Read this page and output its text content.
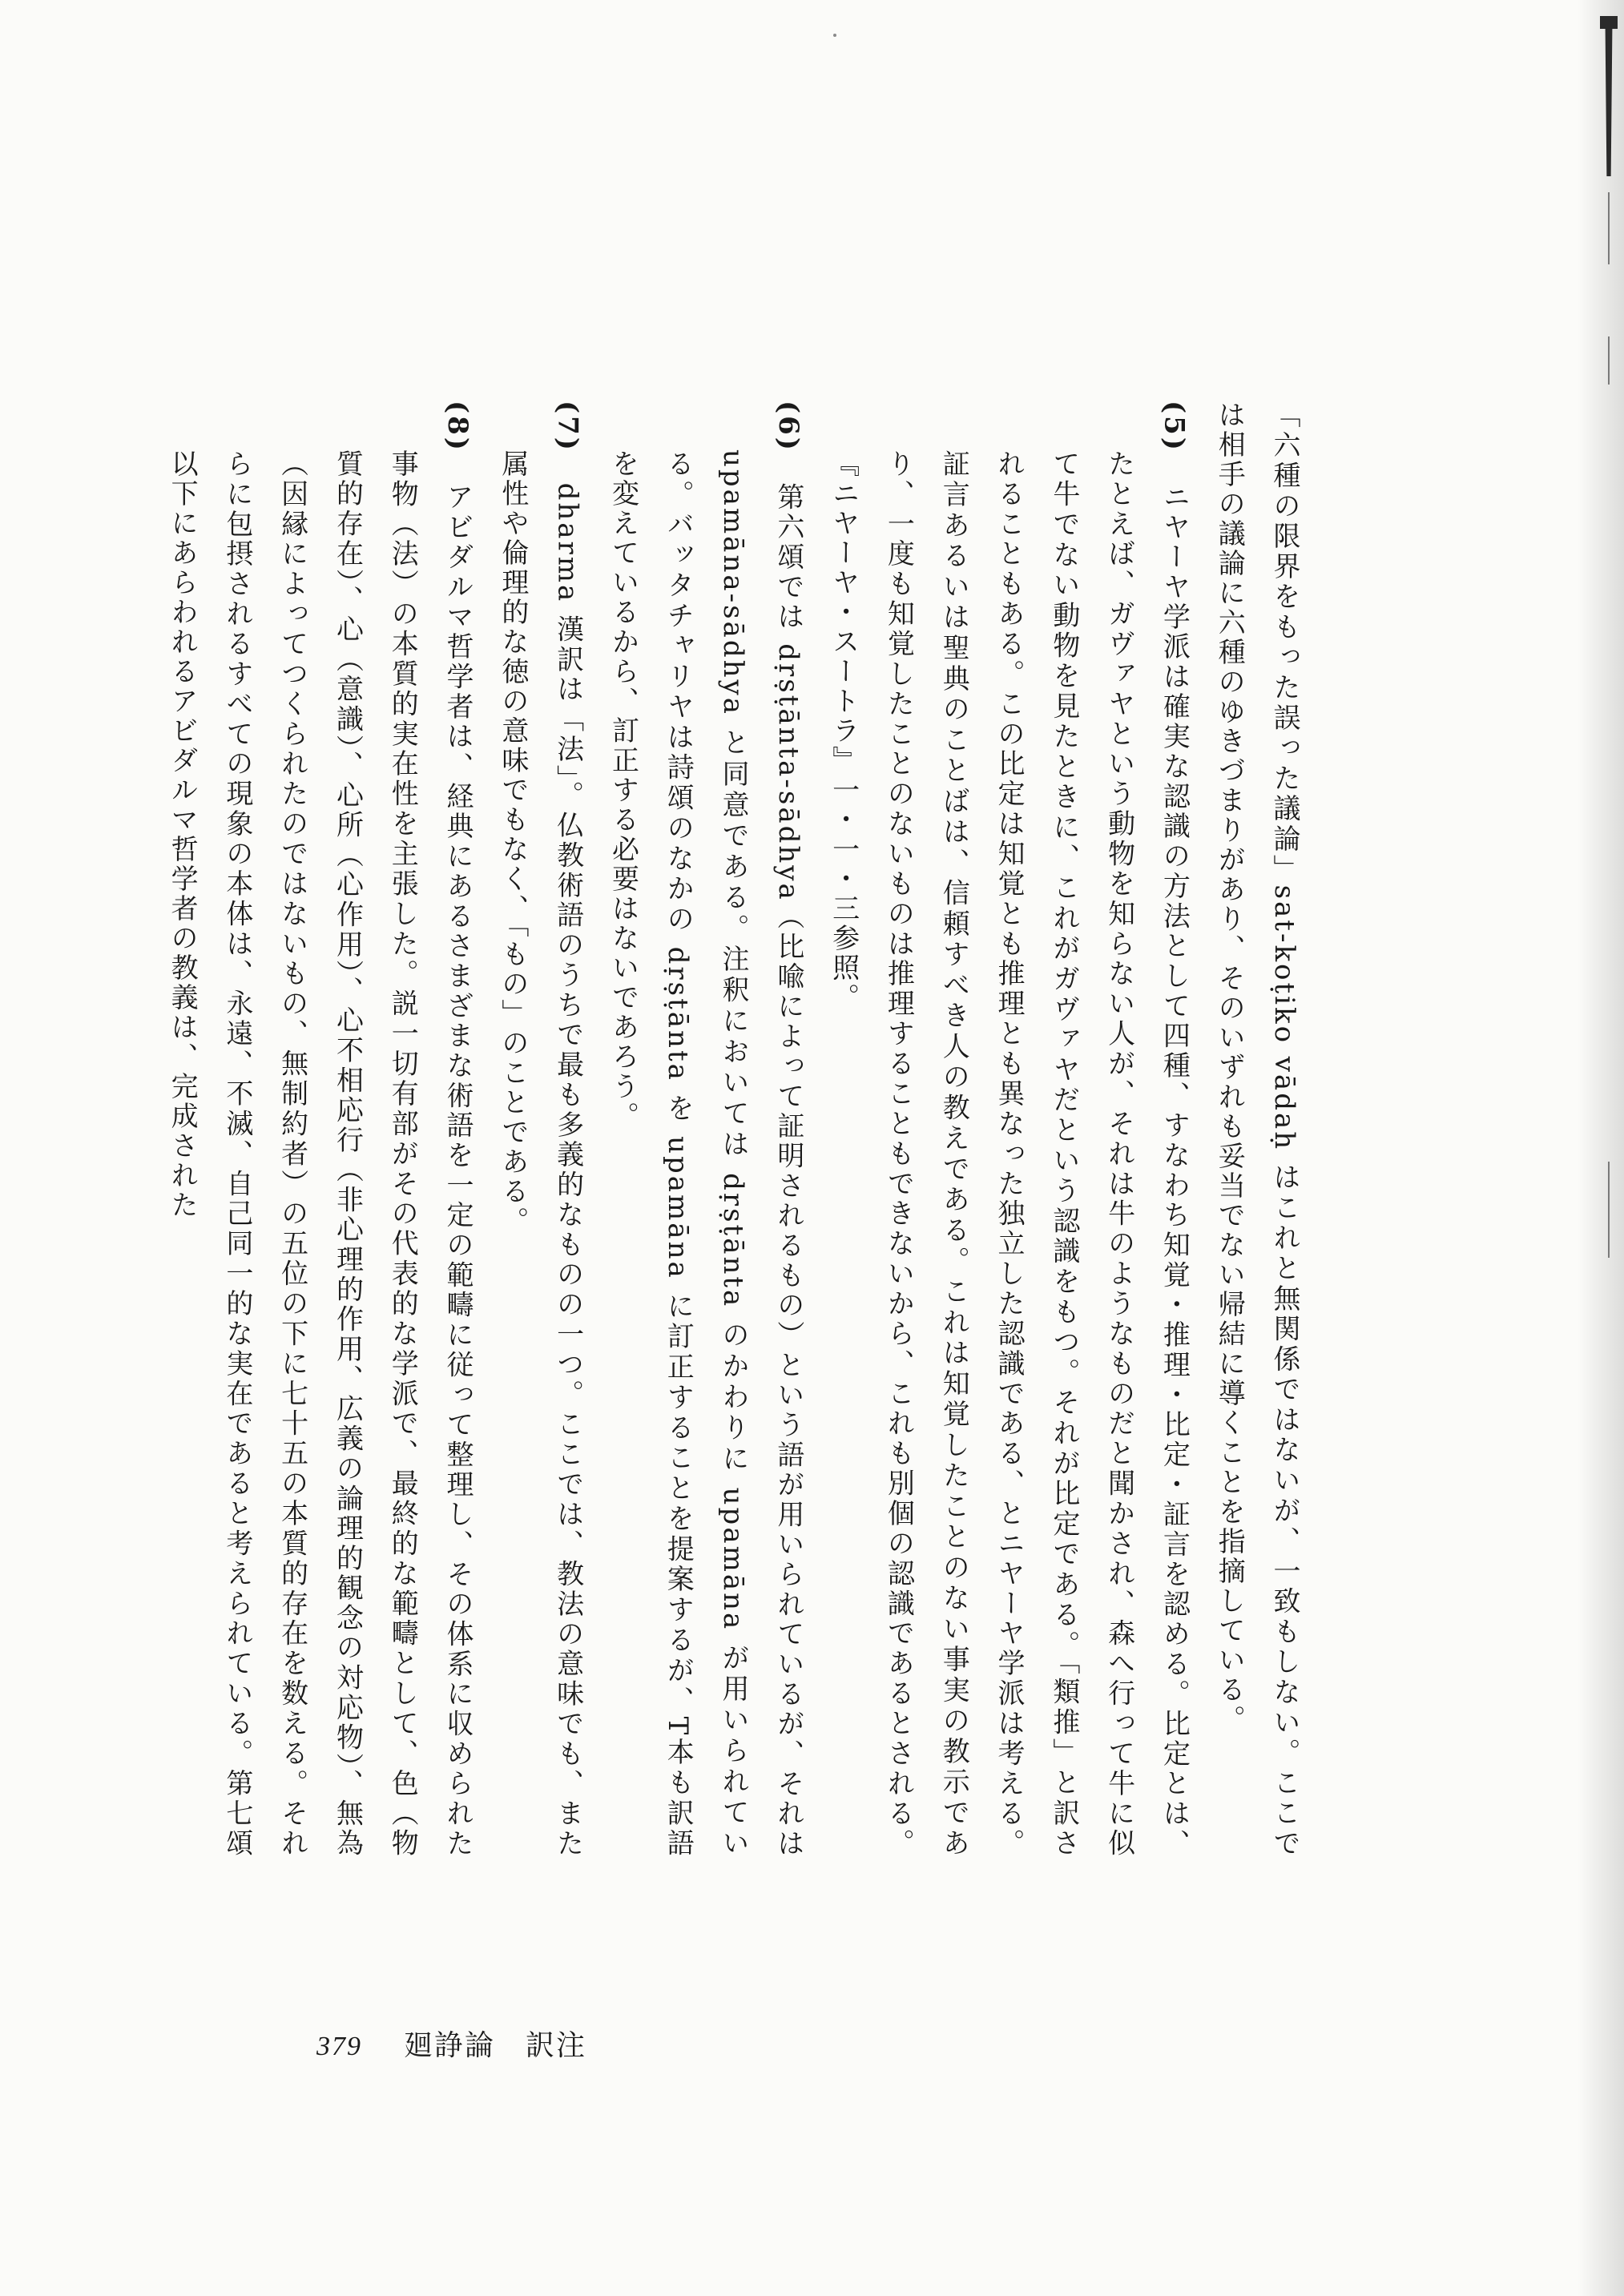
「六種の限界をもった誤った議論」sat-koṭiko vādaḥ はこれと無関係ではないが、一致もしない。ここでは相手の議論に六種のゆきづまりがあり、そのいずれも妥当でない帰結に導くことを指摘している。

(5)　ニヤーヤ学派は確実な認識の方法として四種、すなわち知覚・推理・比定・証言を認める。比定とは、たとえば、ガヴァヤという動物を知らない人が、それは牛のようなものだと聞かされ、森へ行って牛に似て牛でない動物を見たときに、これがガヴァヤだという認識をもつ。それが比定である。「類推」と訳されることもある。この比定は知覚とも推理とも異なった独立した認識である、とニヤーヤ学派は考える。証言あるいは聖典のことばは、信頼すべき人の教えである。これは知覚したことのない事実の教示であり、一度も知覚したことのないものは推理することもできないから、これも別個の認識であるとされる。『ニヤーヤ・スートラ』一・一・三参照。

(6)　第六頌では dṛṣṭānta-sādhya（比喩によって証明されるもの）という語が用いられているが、それは upamāna-sādhya と同意である。注釈においては dṛṣṭānta のかわりに upamāna が用いられている。バッタチャリヤは詩頌のなかの dṛṣṭānta を upamāna に訂正することを提案するが、T本も訳語を変えているから、訂正する必要はないであろう。

(7)　dharma 漢訳は「法」。仏教術語のうちで最も多義的なものの一つ。ここでは、教法の意味でも、また属性や倫理的な徳の意味でもなく、「もの」のことである。

(8)　アビダルマ哲学者は、経典にあるさまざまな術語を一定の範疇に従って整理し、その体系に収められた事物（法）の本質的実在性を主張した。説一切有部がその代表的な学派で、最終的な範疇として、色（物質的存在）、心（意識）、心所（心作用）、心不相応行（非心理的作用、広義の論理的観念の対応物）、無為（因縁によってつくられたのではないもの、無制約者）の五位の下に七十五の本質的存在を数える。それらに包摂されるすべての現象の本体は、永遠、不滅、自己同一的な実在であると考えられている。第七頌以下にあらわれるアビダルマ哲学者の教義は、完成された

379 廻諍論　訳注
